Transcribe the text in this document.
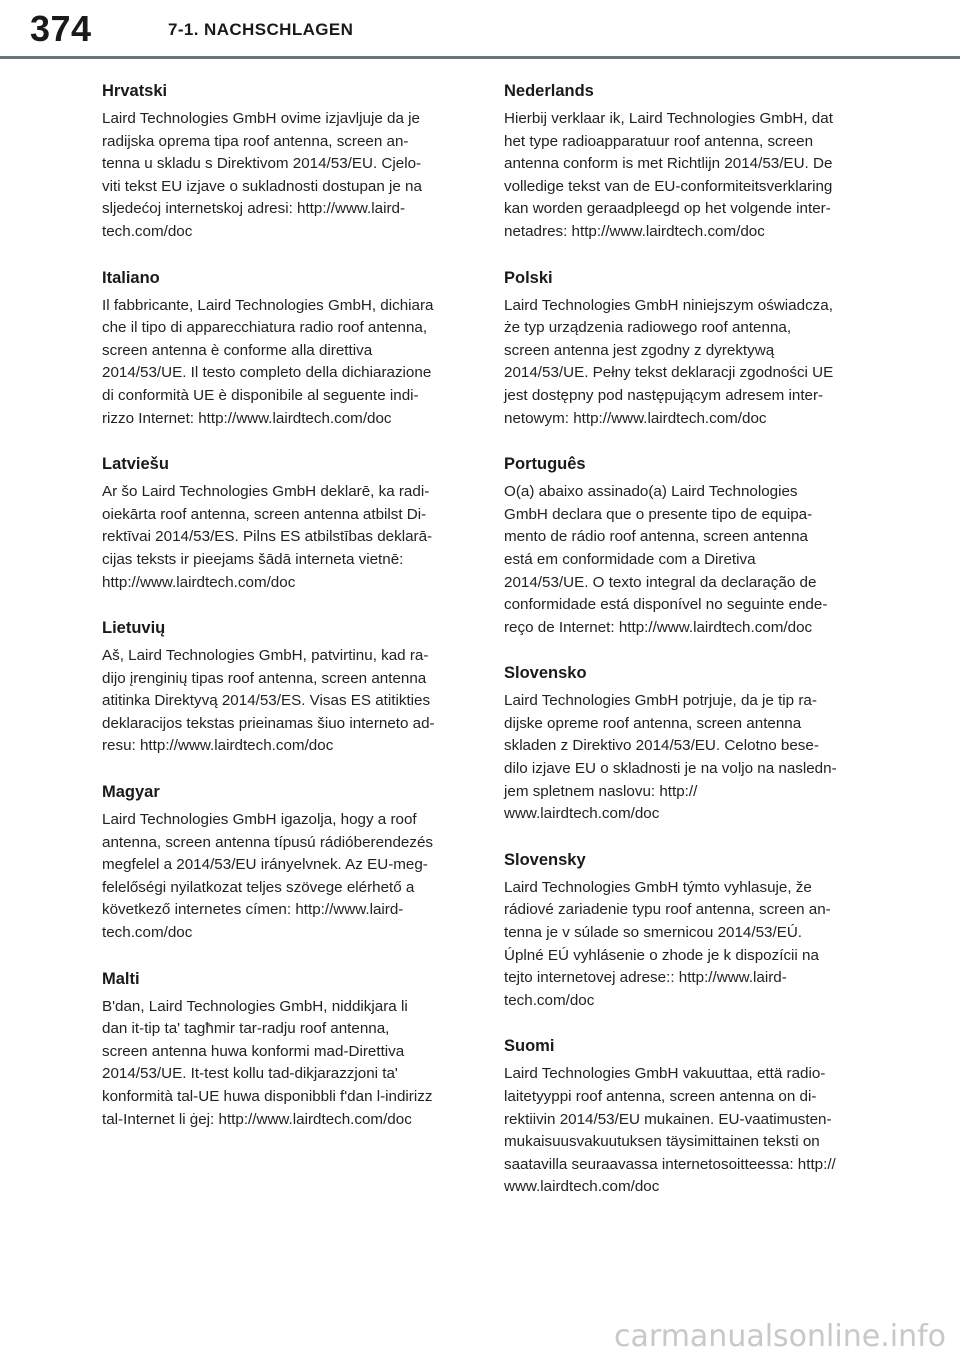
374	7-1. NACHSCHLAGEN
Hrvatski

Laird Technologies GmbH ovime izjavljuje da je
radijska oprema tipa roof antenna, screen an-
tenna u skladu s Direktivom 2014/53/EU. Cjelo-
viti tekst EU izjave o sukladnosti dostupan je na
sljedećoj internetskoj adresi: http://www.laird-
tech.com/doc

Italiano

Il fabbricante, Laird Technologies GmbH, dichiara
che il tipo di apparecchiatura radio roof antenna,
screen antenna è conforme alla direttiva
2014/53/UE. Il testo completo della dichiarazione
di conformità UE è disponibile al seguente indi-
rizzo Internet: http://www.lairdtech.com/doc

Latviešu

Ar šo Laird Technologies GmbH deklarē, ka radi-
oiekārta roof antenna, screen antenna atbilst Di-
rektīvai 2014/53/ES. Pilns ES atbilstības deklarā-
cijas teksts ir pieejams šādā interneta vietnē:
http://www.lairdtech.com/doc

Lietuvių

Aš, Laird Technologies GmbH, patvirtinu, kad ra-
dijo įrenginių tipas roof antenna, screen antenna
atitinka Direktyvą 2014/53/ES. Visas ES atitikties
deklaracijos tekstas prieinamas šiuo interneto ad-
resu: http://www.lairdtech.com/doc

Magyar

Laird Technologies GmbH igazolja, hogy a roof
antenna, screen antenna típusú rádióberendezés
megfelel a 2014/53/EU irányelvnek. Az EU-meg-
felelőségi nyilatkozat teljes szövege elérhető a
következő internetes címen: http://www.laird-
tech.com/doc

Malti

B'dan, Laird Technologies GmbH, niddikjara li
dan it-tip ta' tagħmir tar-radju roof antenna,
screen antenna huwa konformi mad-Direttiva
2014/53/UE. It-test kollu tad-dikjarazzjoni ta'
konformità tal-UE huwa disponibbli f'dan l-indirizz
tal-Internet li ġej: http://www.lairdtech.com/doc

Nederlands

Hierbij verklaar ik, Laird Technologies GmbH, dat
het type radioapparatuur roof antenna, screen
antenna conform is met Richtlijn 2014/53/EU. De
volledige tekst van de EU-conformiteitsverklaring
kan worden geraadpleegd op het volgende inter-
netadres: http://www.lairdtech.com/doc

Polski

Laird Technologies GmbH niniejszym oświadcza,
że typ urządzenia radiowego roof antenna,
screen antenna jest zgodny z dyrektywą
2014/53/UE. Pełny tekst deklaracji zgodności UE
jest dostępny pod następującym adresem inter-
netowym: http://www.lairdtech.com/doc

Português

O(a) abaixo assinado(a) Laird Technologies
GmbH declara que o presente tipo de equipa-
mento de rádio roof antenna, screen antenna
está em conformidade com a Diretiva
2014/53/UE. O texto integral da declaração de
conformidade está disponível no seguinte ende-
reço de Internet: http://www.lairdtech.com/doc

Slovensko

Laird Technologies GmbH potrjuje, da je tip ra-
dijske opreme roof antenna, screen antenna
skladen z Direktivo 2014/53/EU. Celotno bese-
dilo izjave EU o skladnosti je na voljo na nasledn-
jem spletnem naslovu: http://
www.lairdtech.com/doc

Slovensky

Laird Technologies GmbH týmto vyhlasuje, že
rádiové zariadenie typu roof antenna, screen an-
tenna je v súlade so smernicou 2014/53/EÚ.
Úplné EÚ vyhlásenie o zhode je k dispozícii na
tejto internetovej adrese:: http://www.laird-
tech.com/doc

Suomi

Laird Technologies GmbH vakuuttaa, että radio-
laitetyyppi roof antenna, screen antenna on di-
rektiivin 2014/53/EU mukainen. EU-vaatimusten-
mukaisuusvakuutuksen täysimittainen teksti on
saatavilla seuraavassa internetosoitteessa: http://
www.lairdtech.com/doc

carmanualsonline.info
